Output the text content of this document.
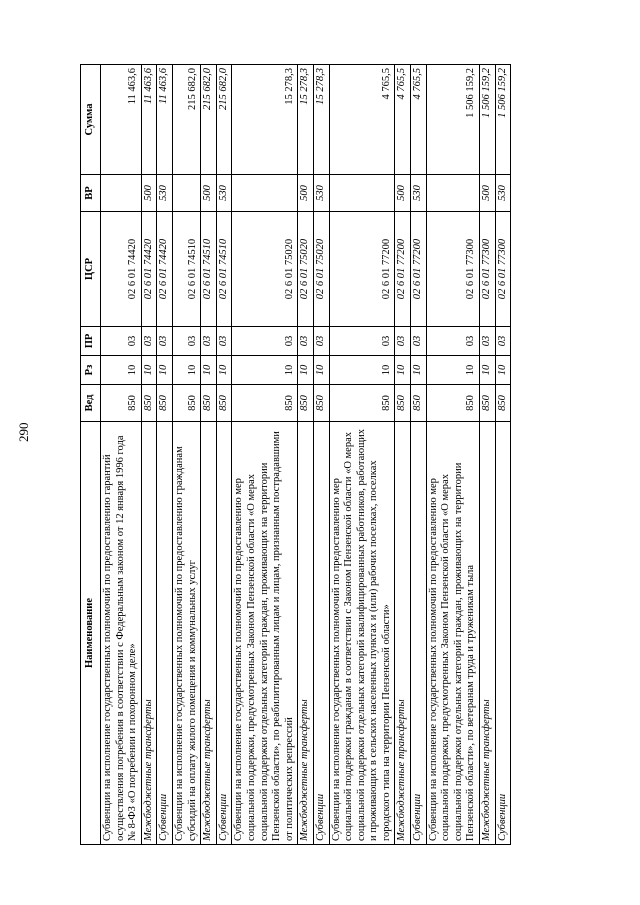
290
Наименование	Вед	Рз	ПР	ЦСР	ВР	Сумма
Субвенции на исполнение государственных полномочий по предоставлению гарантий осуществления погребения в соответствии с Федеральным законом от 12 января 1996 года № 8-ФЗ «О погребении и похоронном деле»	850	10	03	02 6 01 74420		11 463,6
Межбюджетные трансферты	850	10	03	02 6 01 74420	500	11 463,6
Субвенции	850	10	03	02 6 01 74420	530	11 463,6
Субвенции на исполнение государственных полномочий по предоставлению гражданам субсидий на оплату жилого помещения и коммунальных услуг	850	10	03	02 6 01 74510		215 682,0
Межбюджетные трансферты	850	10	03	02 6 01 74510	500	215 682,0
Субвенции	850	10	03	02 6 01 74510	530	215 682,0
Субвенции на исполнение государственных полномочий по предоставлению мер социальной поддержки, предусмотренных Законом Пензенской области «О мерах социальной поддержки отдельных категорий граждан, проживающих на территории Пензенской области», по реабилитированным лицам и лицам, признанным пострадавшими от политических репрессий	850	10	03	02 6 01 75020		15 278,3
Межбюджетные трансферты	850	10	03	02 6 01 75020	500	15 278,3
Субвенции	850	10	03	02 6 01 75020	530	15 278,3
Субвенции на исполнение государственных полномочий по предоставлению мер социальной поддержки гражданам в соответствии с Законом Пензенской области «О мерах социальной поддержки отдельных категорий квалифицированных работников, работающих и проживающих в сельских населенных пунктах и (или) рабочих поселках, поселках городского типа на территории Пензенской области»	850	10	03	02 6 01 77200		4 765,5
Межбюджетные трансферты	850	10	03	02 6 01 77200	500	4 765,5
Субвенции	850	10	03	02 6 01 77200	530	4 765,5
Субвенции на исполнение государственных полномочий по предоставлению мер социальной поддержки, предусмотренных Законом Пензенской области «О мерах социальной поддержки отдельных категорий граждан, проживающих на территории Пензенской области», по ветеранам труда и труженикам тыла	850	10	03	02 6 01 77300		1 506 159,2
Межбюджетные трансферты	850	10	03	02 6 01 77300	500	1 506 159,2
Субвенции	850	10	03	02 6 01 77300	530	1 506 159,2
